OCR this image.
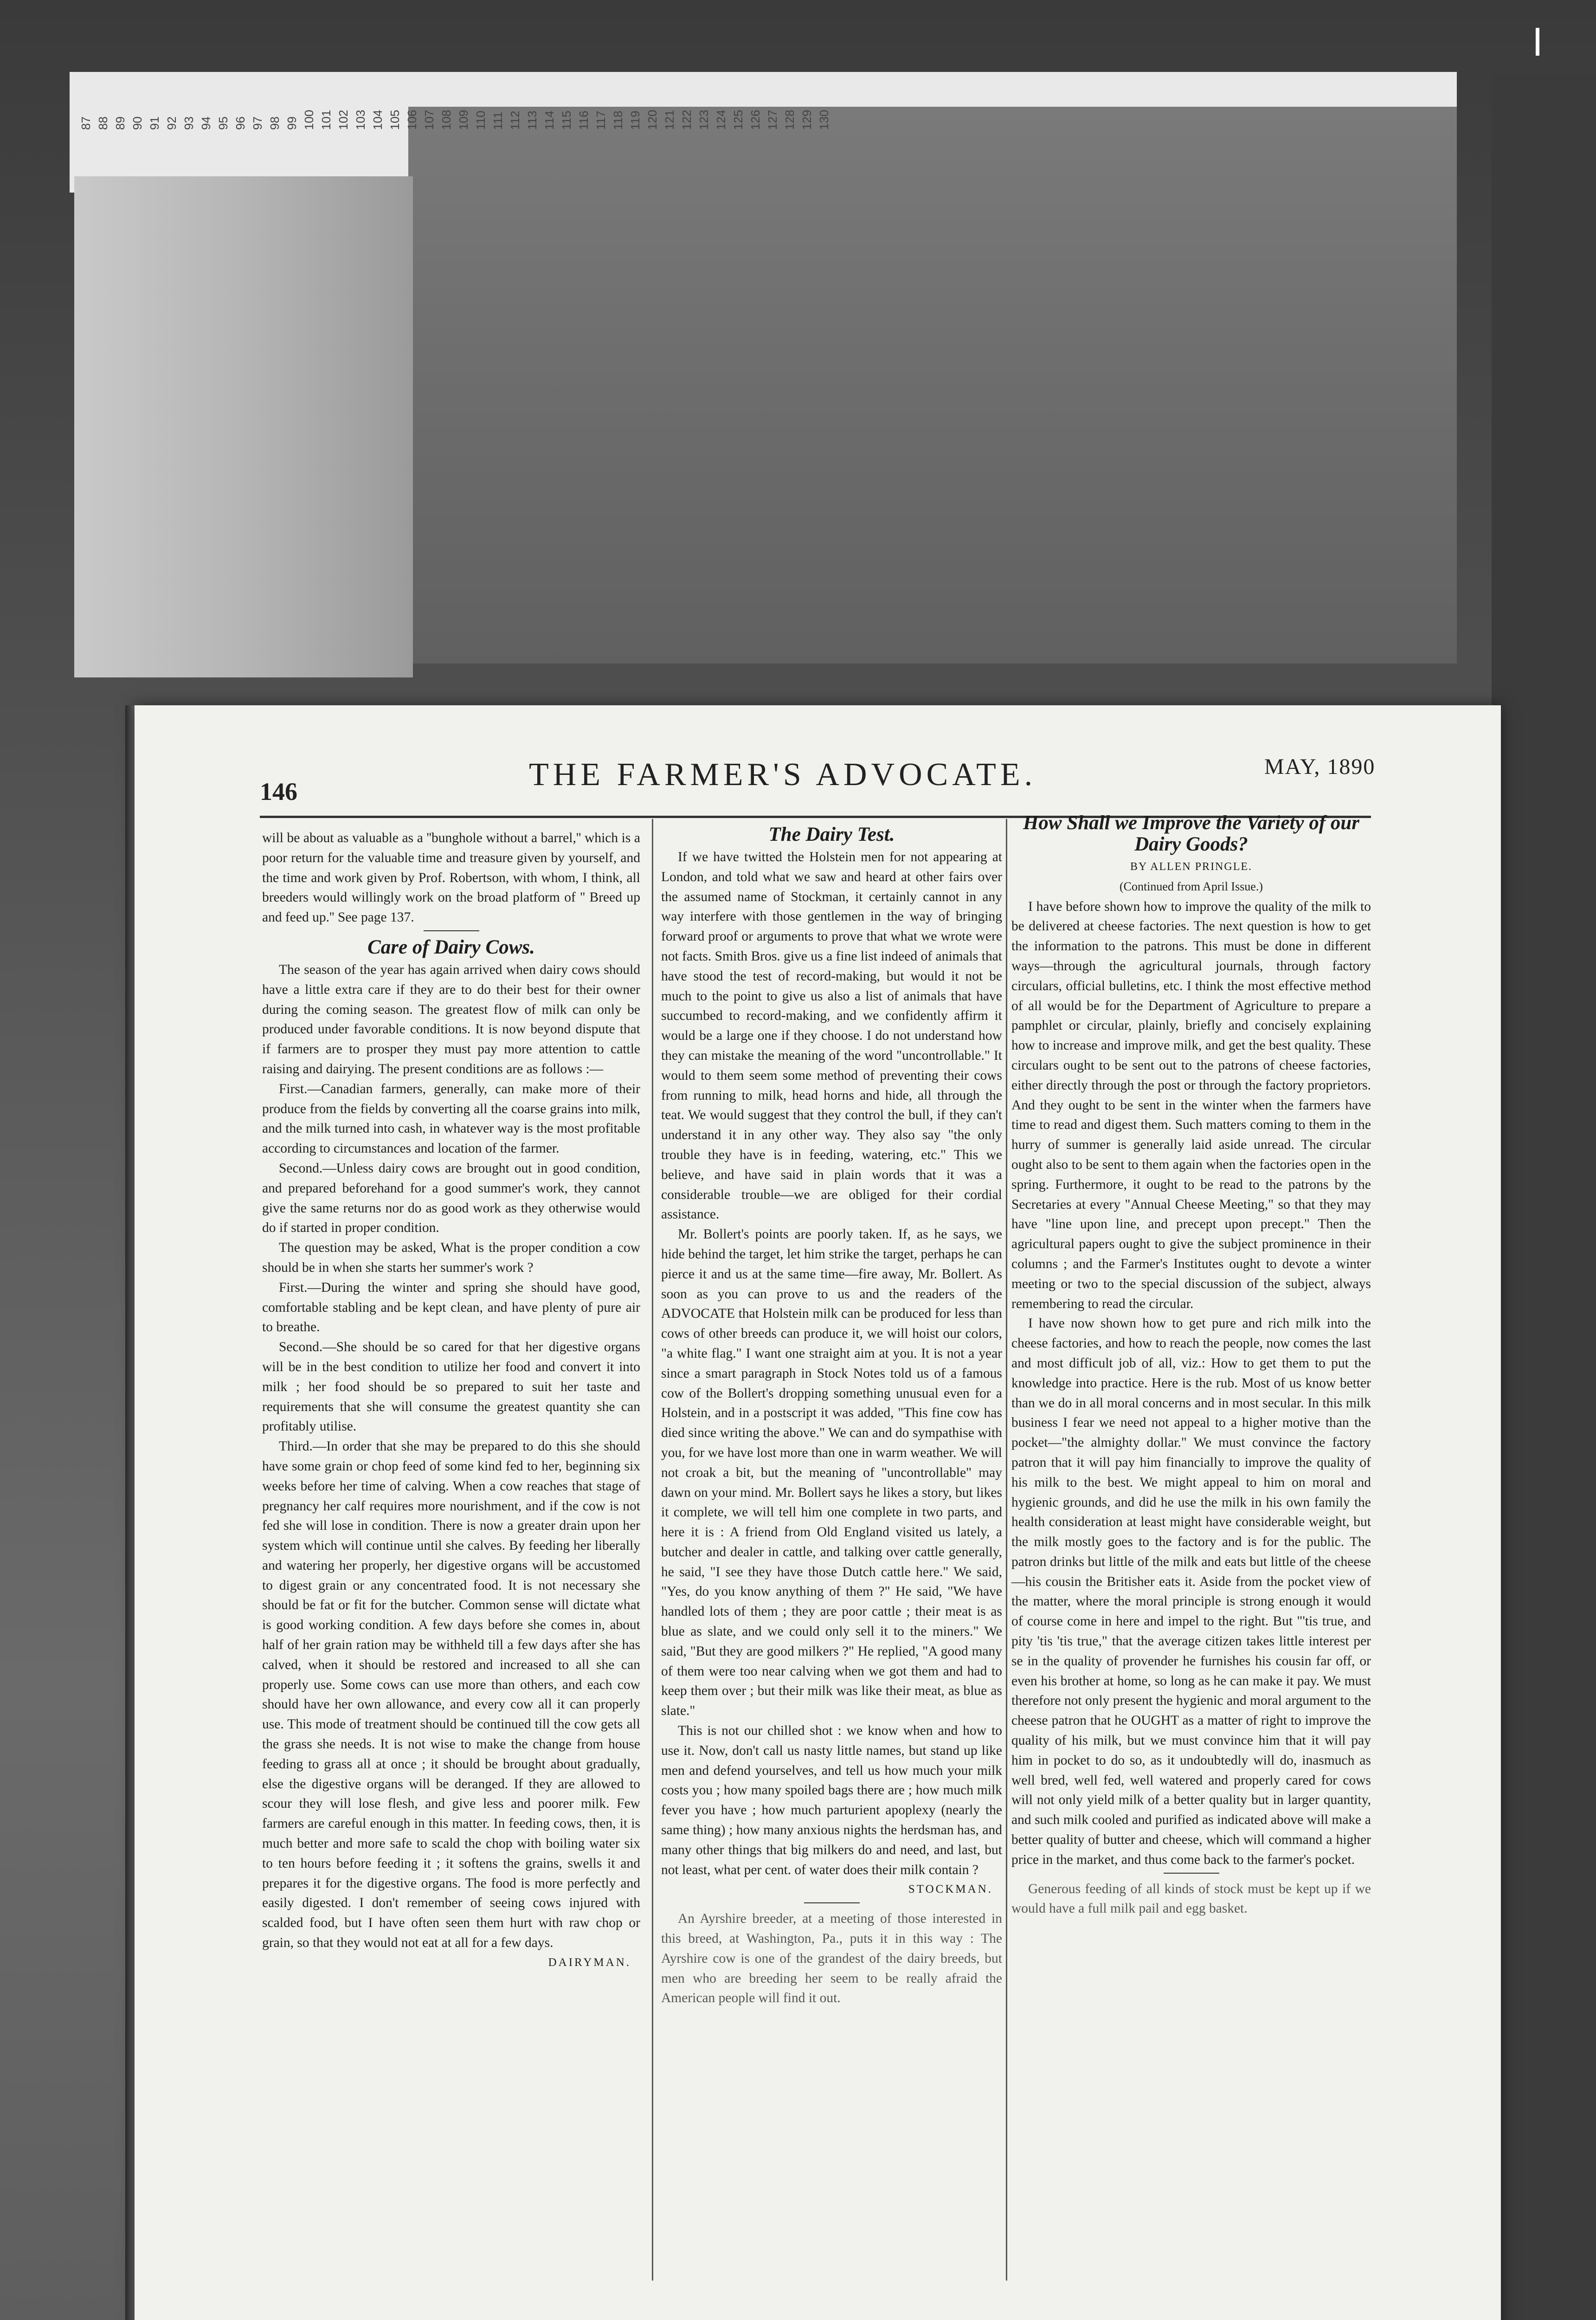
87 88 89 90 91 92 93 94 95 96 97 98 99 100 101 102 103 104 105 106 107 108 109 110 111 112 113 114 115 116 117 118 119 120 121 122 123 124 125 126 127 128 129 130
146	THE FARMER'S ADVOCATE.	MAY, 1890

will be about as valuable as a ''bunghole without a barrel,'' which is a poor return for the valuable time and treasure given by yourself, and the time and work given by Prof. Robertson, with whom, I think, all breeders would willingly work on the broad platform of '' Breed up and feed up.'' See page 137.

Care of Dairy Cows.

The season of the year has again arrived when dairy cows should have a little extra care if they are to do their best for their owner during the coming season. The greatest flow of milk can only be produced under favorable conditions. It is now beyond dispute that if farmers are to prosper they must pay more attention to cattle raising and dairying. The present conditions are as follows :—

First.—Canadian farmers, generally, can make more of their produce from the fields by converting all the coarse grains into milk, and the milk turned into cash, in whatever way is the most profitable according to circumstances and location of the farmer.

Second.—Unless dairy cows are brought out in good condition, and prepared beforehand for a good summer's work, they cannot give the same returns nor do as good work as they otherwise would do if started in proper condition.

The question may be asked, What is the proper condition a cow should be in when she starts her summer's work ?

First.—During the winter and spring she should have good, comfortable stabling and be kept clean, and have plenty of pure air to breathe.

Second.—She should be so cared for that her digestive organs will be in the best condition to utilize her food and convert it into milk ; her food should be so prepared to suit her taste and requirements that she will consume the greatest quantity she can profitably utilise.

Third.—In order that she may be prepared to do this she should have some grain or chop feed of some kind fed to her, beginning six weeks before her time of calving. When a cow reaches that stage of pregnancy her calf requires more nourishment, and if the cow is not fed she will lose in condition. There is now a greater drain upon her system which will continue until she calves. By feeding her liberally and watering her properly, her digestive organs will be accustomed to digest grain or any concentrated food. It is not necessary she should be fat or fit for the butcher. Common sense will dictate what is good working condition. A few days before she comes in, about half of her grain ration may be withheld till a few days after she has calved, when it should be restored and increased to all she can properly use. Some cows can use more than others, and each cow should have her own allowance, and every cow all it can properly use. This mode of treatment should be continued till the cow gets all the grass she needs. It is not wise to make the change from house feeding to grass all at once ; it should be brought about gradually, else the digestive organs will be deranged. If they are allowed to scour they will lose flesh, and give less and poorer milk. Few farmers are careful enough in this matter. In feeding cows, then, it is much better and more safe to scald the chop with boiling water six to ten hours before feeding it ; it softens the grains, swells it and prepares it for the digestive organs. The food is more perfectly and easily digested. I don't remember of seeing cows injured with scalded food, but I have often seen them hurt with raw chop or grain, so that they would not eat at all for a few days.

DAIRYMAN.
The Dairy Test.

If we have twitted the Holstein men for not appearing at London, and told what we saw and heard at other fairs over the assumed name of Stockman, it certainly cannot in any way interfere with those gentlemen in the way of bringing forward proof or arguments to prove that what we wrote were not facts. Smith Bros. give us a fine list indeed of animals that have stood the test of record-making, but would it not be much to the point to give us also a list of animals that have succumbed to record-making, and we confidently affirm it would be a large one if they choose. I do not understand how they can mistake the meaning of the word "uncontrollable." It would to them seem some method of preventing their cows from running to milk, head horns and hide, all through the teat. We would suggest that they control the bull, if they can't understand it in any other way. They also say "the only trouble they have is in feeding, watering, etc." This we believe, and have said in plain words that it was a considerable trouble—we are obliged for their cordial assistance.

Mr. Bollert's points are poorly taken. If, as he says, we hide behind the target, let him strike the target, perhaps he can pierce it and us at the same time—fire away, Mr. Bollert. As soon as you can prove to us and the readers of the ADVOCATE that Holstein milk can be produced for less than cows of other breeds can produce it, we will hoist our colors, "a white flag." I want one straight aim at you. It is not a year since a smart paragraph in Stock Notes told us of a famous cow of the Bollert's dropping something unusual even for a Holstein, and in a postscript it was added, "This fine cow has died since writing the above." We can and do sympathise with you, for we have lost more than one in warm weather. We will not croak a bit, but the meaning of "uncontrollable" may dawn on your mind. Mr. Bollert says he likes a story, but likes it complete, we will tell him one complete in two parts, and here it is : A friend from Old England visited us lately, a butcher and dealer in cattle, and talking over cattle generally, he said, "I see they have those Dutch cattle here." We said, "Yes, do you know anything of them ?" He said, "We have handled lots of them ; they are poor cattle ; their meat is as blue as slate, and we could only sell it to the miners." We said, "But they are good milkers ?" He replied, "A good many of them were too near calving when we got them and had to keep them over ; but their milk was like their meat, as blue as slate."

This is not our chilled shot : we know when and how to use it. Now, don't call us nasty little names, but stand up like men and defend yourselves, and tell us how much your milk costs you ; how many spoiled bags there are ; how much milk fever you have ; how much parturient apoplexy (nearly the same thing) ; how many anxious nights the herdsman has, and many other things that big milkers do and need, and last, but not least, what per cent. of water does their milk contain ?

STOCKMAN.

An Ayrshire breeder, at a meeting of those interested in this breed, at Washington, Pa., puts it in this way : The Ayrshire cow is one of the grandest of the dairy breeds, but men who are breeding her seem to be really afraid the American people will find it out.

How Shall we Improve the Variety of our Dairy Goods?
BY ALLEN PRINGLE.
(Continued from April Issue.)

I have before shown how to improve the quality of the milk to be delivered at cheese factories. The next question is how to get the information to the patrons. This must be done in different ways—through the agricultural journals, through factory circulars, official bulletins, etc. I think the most effective method of all would be for the Department of Agriculture to prepare a pamphlet or circular, plainly, briefly and concisely explaining how to increase and improve milk, and get the best quality. These circulars ought to be sent out to the patrons of cheese factories, either directly through the post or through the factory proprietors. And they ought to be sent in the winter when the farmers have time to read and digest them. Such matters coming to them in the hurry of summer is generally laid aside unread. The circular ought also to be sent to them again when the factories open in the spring. Furthermore, it ought to be read to the patrons by the Secretaries at every "Annual Cheese Meeting," so that they may have "line upon line, and precept upon precept." Then the agricultural papers ought to give the subject prominence in their columns ; and the Farmer's Institutes ought to devote a winter meeting or two to the special discussion of the subject, always remembering to read the circular.

I have now shown how to get pure and rich milk into the cheese factories, and how to reach the people, now comes the last and most difficult job of all, viz.: How to get them to put the knowledge into practice. Here is the rub. Most of us know better than we do in all moral concerns and in most secular. In this milk business I fear we need not appeal to a higher motive than the pocket—"the almighty dollar." We must convince the factory patron that it will pay him financially to improve the quality of his milk to the best. We might appeal to him on moral and hygienic grounds, and did he use the milk in his own family the health consideration at least might have considerable weight, but the milk mostly goes to the factory and is for the public. The patron drinks but little of the milk and eats but little of the cheese—his cousin the Britisher eats it. Aside from the pocket view of the matter, where the moral principle is strong enough it would of course come in here and impel to the right. But "'tis true, and pity 'tis 'tis true," that the average citizen takes little interest per se in the quality of provender he furnishes his cousin far off, or even his brother at home, so long as he can make it pay. We must therefore not only present the hygienic and moral argument to the cheese patron that he OUGHT as a matter of right to improve the quality of his milk, but we must convince him that it will pay him in pocket to do so, as it undoubtedly will do, inasmuch as well bred, well fed, well watered and properly cared for cows will not only yield milk of a better quality but in larger quantity, and such milk cooled and purified as indicated above will make a better quality of butter and cheese, which will command a higher price in the market, and thus come back to the farmer's pocket.

Generous feeding of all kinds of stock must be kept up if we would have a full milk pail and egg basket.
